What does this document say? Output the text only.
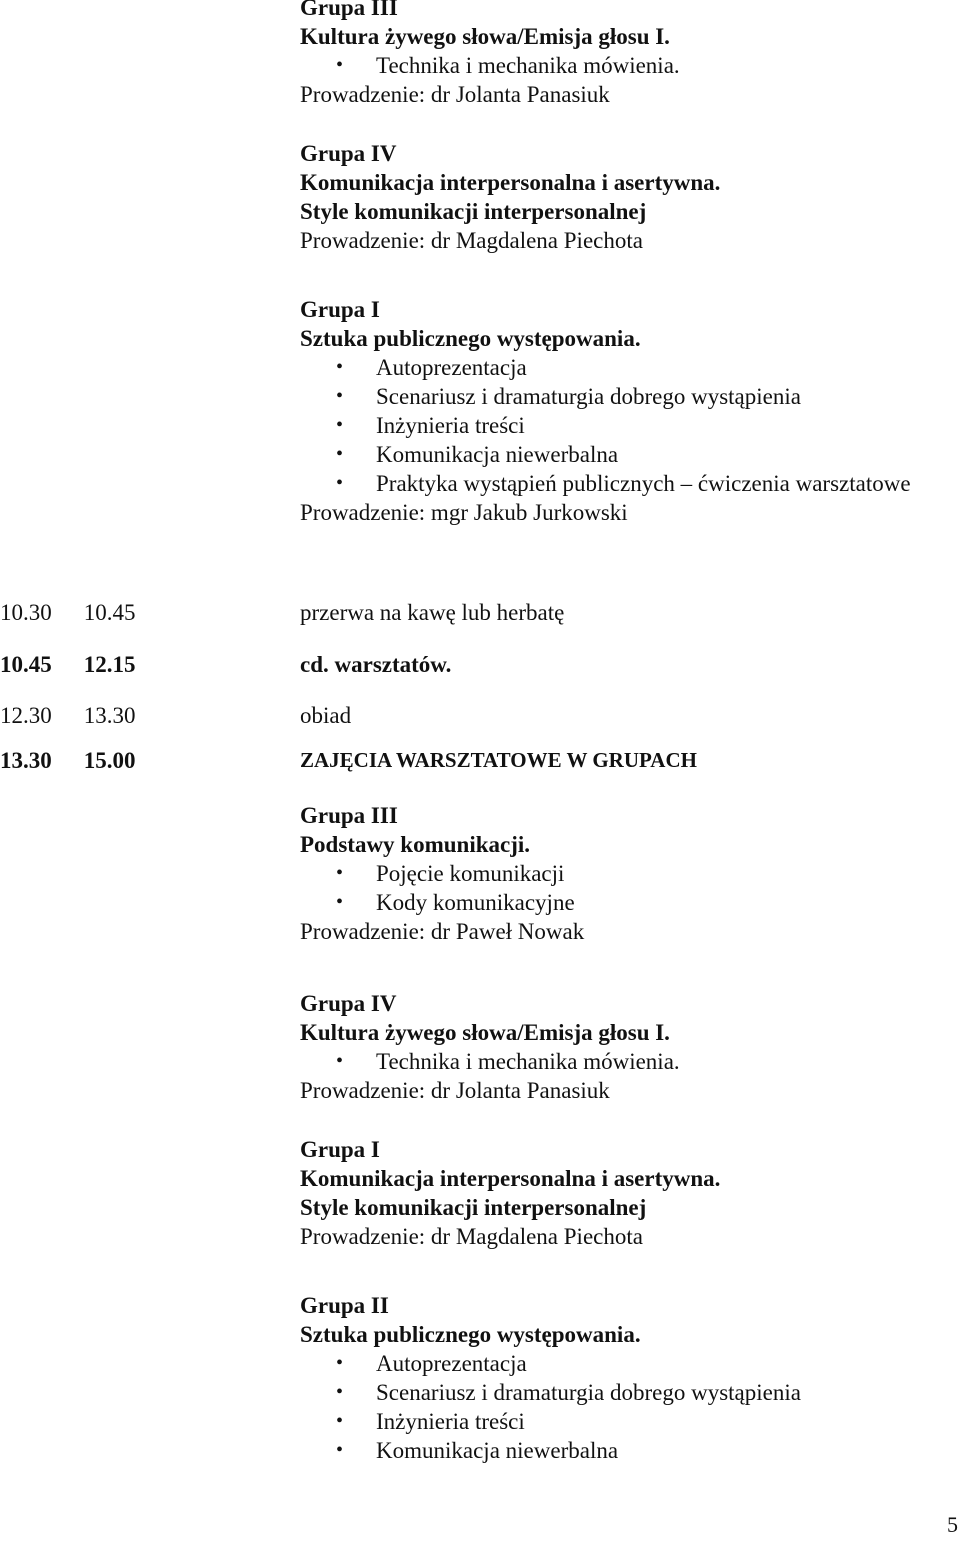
Grupa III
Kultura żywego słowa/Emisja głosu I.
• Technika i mechanika mówienia.
Prowadzenie: dr Jolanta Panasiuk
Grupa IV
Komunikacja interpersonalna i asertywna.
Style komunikacji interpersonalnej
Prowadzenie: dr Magdalena Piechota
Grupa I
Sztuka publicznego występowania.
• Autoprezentacja
• Scenariusz i dramaturgia dobrego wystąpienia
• Inżynieria treści
• Komunikacja niewerbalna
• Praktyka wystąpień publicznych – ćwiczenia warsztatowe
Prowadzenie: mgr Jakub Jurkowski
10.30 10.45	przerwa na kawę lub herbatę
10.45 12.15	cd. warsztatów.
12.30 13.30	obiad
13.30 15.00	ZAJĘCIA WARSZTATOWE W GRUPACH
Grupa III
Podstawy komunikacji.
• Pojęcie komunikacji
• Kody komunikacyjne
Prowadzenie: dr Paweł Nowak
Grupa IV
Kultura żywego słowa/Emisja głosu I.
• Technika i mechanika mówienia.
Prowadzenie: dr Jolanta Panasiuk
Grupa I
Komunikacja interpersonalna i asertywna.
Style komunikacji interpersonalnej
Prowadzenie: dr Magdalena Piechota
Grupa II
Sztuka publicznego występowania.
• Autoprezentacja
• Scenariusz i dramaturgia dobrego wystąpienia
• Inżynieria treści
• Komunikacja niewerbalna
5
